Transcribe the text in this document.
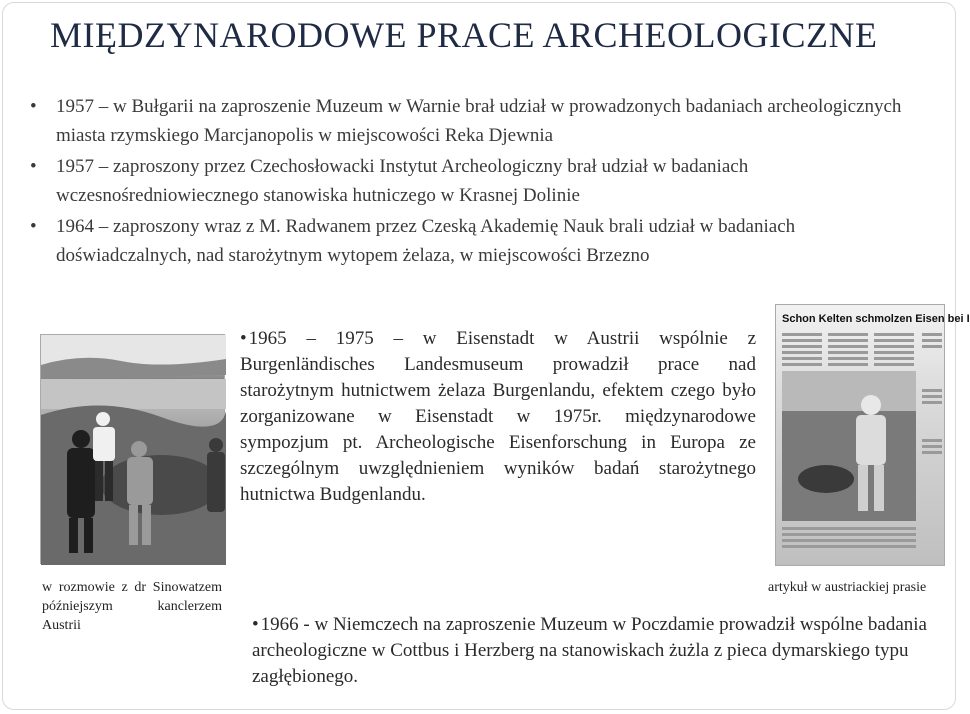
MIĘDZYNARODOWE PRACE ARCHEOLOGICZNE
• 1957 – w Bułgarii na zaproszenie Muzeum w Warnie brał udział w prowadzonych badaniach archeologicznych miasta rzymskiego Marcjanopolis w miejscowości Reka Djewnia
• 1957 – zaproszony przez Czechosłowacki Instytut Archeologiczny brał udział w badaniach wczesnośredniowiecznego stanowiska hutniczego w Krasnej Dolinie
• 1964 – zaproszony wraz z M. Radwanem przez Czeską Akademię Nauk brali udział w badaniach doświadczalnych, nad starożytnym wytopem żelaza, w miejscowości Brzezno
• 1965 – 1975 – w Eisenstadt w Austrii wspólnie z Burgenländisches Landesmuseum prowadził prace nad starożytnym hutnictwem żelaza Burgenlandu, efektem czego było zorganizowane w Eisenstadt w 1975r. międzynarodowe sympozjum pt. Archeologische Eisenforschung in Europa ze szczególnym uwzględnieniem wyników badań starożytnego hutnictwa Budgenlandu.
Schon Kelten schmolzen Eisen bei I
w rozmowie z dr Sinowatzem późniejszym kanclerzem Austrii
artykuł w austriackiej prasie
• 1966 - w Niemczech na zaproszenie Muzeum w Poczdamie prowadził wspólne badania archeologiczne w Cottbus i Herzberg na stanowiskach żużla z pieca dymarskiego typu zagłębionego.
